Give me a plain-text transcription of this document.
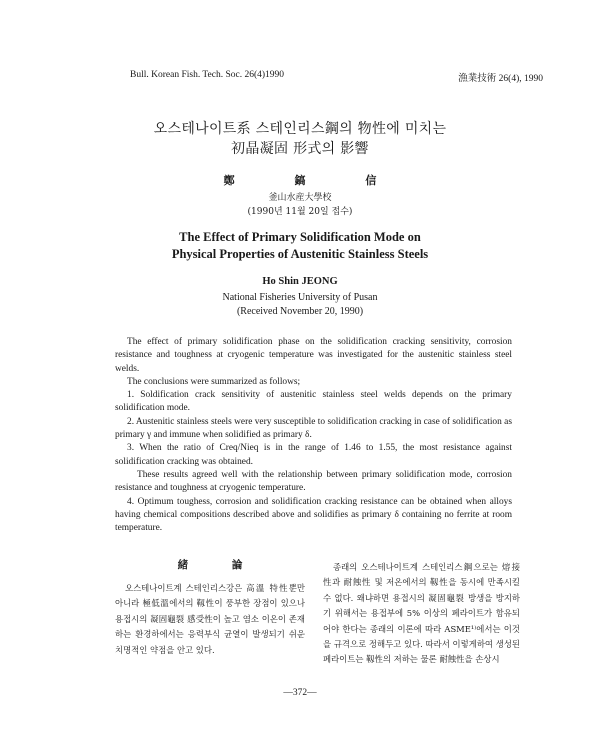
Bull. Korean Fish. Tech. Soc. 26(4)1990	漁業技術 26(4), 1990
오스테나이트系 스테인리스鋼의 物性에 미치는
初晶凝固 形式의 影響
鄭 鎬 信
釜山水産大學校
(1990년 11월 20일 접수)
The Effect of Primary Solidification Mode on
Physical Properties of Austenitic Stainless Steels
Ho Shin JEONG
National Fisheries University of Pusan
(Received November 20, 1990)

The effect of primary solidification phase on the solidification cracking sensitivity, corrosion resistance and toughness at cryogenic temperature was investigated for the austenitic stainless steel welds.

The conclusions were summarized as follows;

1. Soldification crack sensitivity of austenitic stainless steel welds depends on the primary solidification mode.

2. Austenitic stainless steels were very susceptible to solidification cracking in case of solidification as primary γ and immune when solidified as primary δ.

3. When the ratio of Creq/Nieq is in the range of 1.46 to 1.55, the most resistance against solidification cracking was obtained.

These results agreed well with the relationship between primary solidification mode, corrosion resistance and toughness at cryogenic temperature.

4. Optimum toughess, corrosion and solidification cracking resistance can be obtained when alloys having chemical compositions described above and solidifies as primary δ containing no ferrite at room temperature.

緒 論

오스테나이트계 스테인리스강은 高溫 特性뿐만 아니라 極低溫에서의 靱性이 풍부한 장점이 있으나 용접시의 凝固龜裂 感受性이 높고 염소 이온이 존재하는 환경하에서는 응력부식 균열이 발생되기 쉬운 치명적인 약점을 안고 있다.

종래의 오스테나이트계 스테인리스鋼으로는 熔接性과 耐蝕性 및 저온에서의 靱性을 동시에 만족시킬 수 없다. 왜냐하면 용접시의 凝固龜裂 방생을 방지하기 위해서는 용접부에 5% 이상의 페라이트가 함유되어야 한다는 종래의 이론에 따라 ASME¹⁾에서는 이것을 규격으로 정해두고 있다. 따라서 이렇게하여 생성된 페라이트는 靱性의 저하는 물론 耐蝕性을 손상시

—372—
